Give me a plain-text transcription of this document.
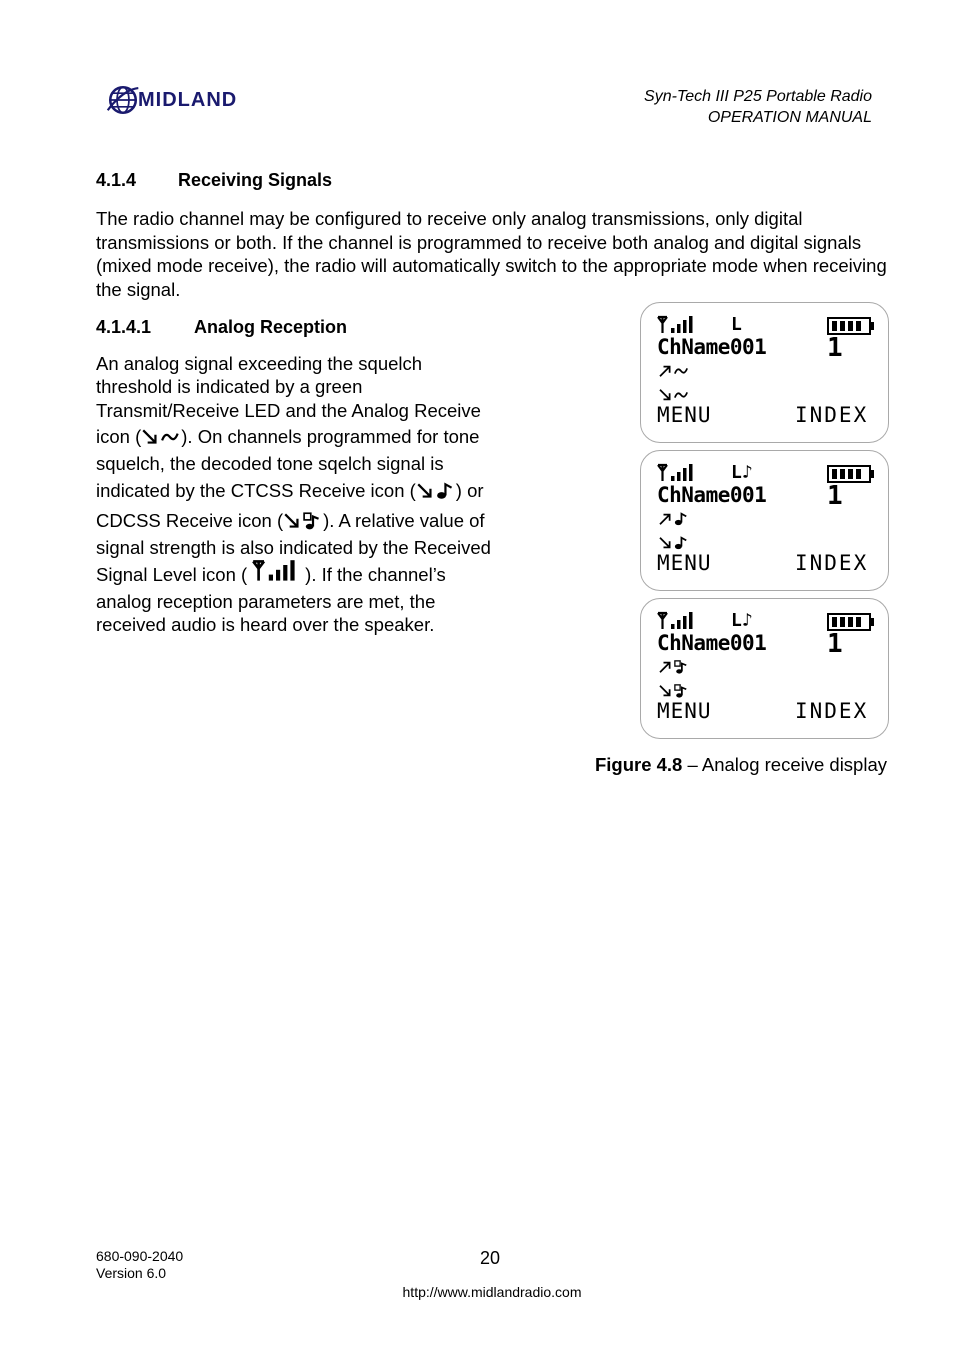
MIDLAND	Syn-Tech III P25 Portable Radio
OPERATION MANUAL
4.1.4 Receiving Signals
The radio channel may be configured to receive only analog transmissions, only digital transmissions or both. If the channel is programmed to receive both analog and digital signals (mixed mode receive), the radio will automatically switch to the appropriate mode when receiving the signal.
4.1.4.1 Analog Reception
An analog signal exceeding the squelch
threshold is indicated by a green
Transmit/Receive LED and the Analog Receive
icon ( ). On channels programmed for tone
squelch, the decoded tone sqelch signal is
indicated by the CTCSS Receive icon ( ) or
CDCSS Receive icon ( ). A relative value of
signal strength is also indicated by the Received
Signal Level icon (	). If the channel’s
analog reception parameters are met, the
received audio is heard over the speaker.
L
ChName001 1
MENU	INDEX
L♪
ChName001 1
MENU	INDEX
L♪
ChName001 1
MENU	INDEX
Figure 4.8 – Analog receive display
680-090-2040
Version 6.0
20
http://www.midlandradio.com
